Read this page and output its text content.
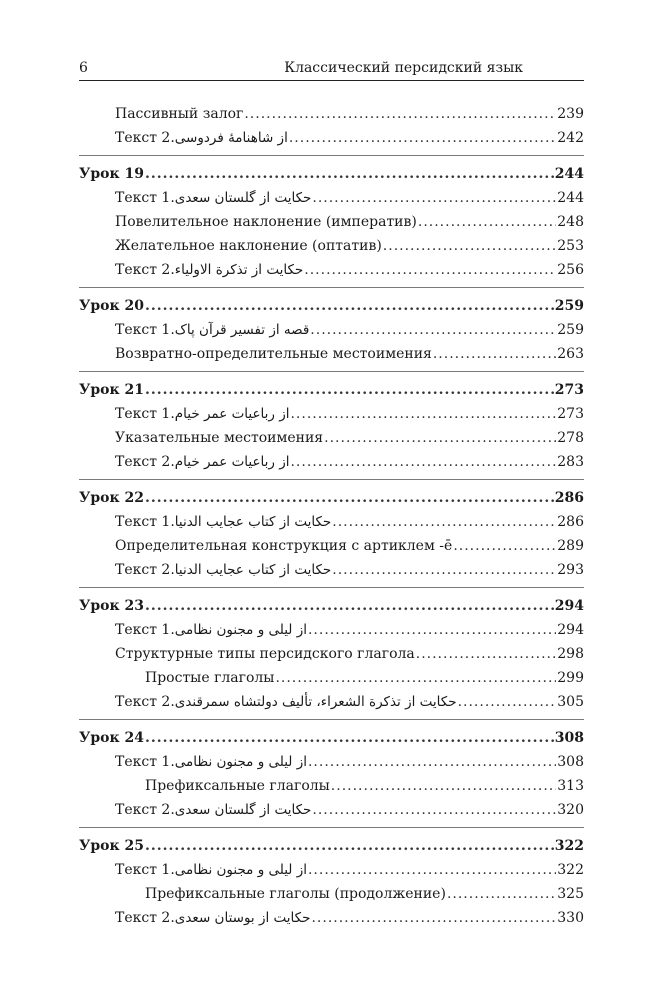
6	Классический персидский язык
Пассивный залог .....	239
Текст 2. از شاهنامهٔ فردوسی .....	242
Урок 19 .....	244
Текст 1. حکایت از گلستان سعدی .....	244
Повелительное наклонение (императив) .....	248
Желательное наклонение (оптатив) .....	253
Текст 2. حکایت از تذکرة الاولیاء .....	256
Урок 20 .....	259
Текст 1. قصه از تفسیر قرآن پاک .....	259
Возвратно-определительные местоимения .....	263
Урок 21 .....	273
Текст 1. از رباعیات عمر خیام .....	273
Указательные местоимения .....	278
Текст 2. از رباعیات عمر خیام .....	283
Урок 22 .....	286
Текст 1. حکایت از کتاب عجایب الدنیا .....	286
Определительная конструкция с артиклем -ē .....	289
Текст 2. حکایت از کتاب عجایب الدنیا .....	293
Урок 23 .....	294
Текст 1. از لیلی و مجنون نظامی .....	294
Структурные типы персидского глагола .....	298
Простые глаголы .....	299
Текст 2. حکایت از تذکرة الشعراء، تألیف دولتشاه سمرقندی .....	305
Урок 24 .....	308
Текст 1. از لیلی و مجنون نظامی .....	308
Префиксальные глаголы .....	313
Текст 2. حکایت از گلستان سعدی .....	320
Урок 25 .....	322
Текст 1. از لیلی و مجنون نظامی .....	322
Префиксальные глаголы (продолжение) .....	325
Текст 2. حکایت از بوستان سعدی .....	330
